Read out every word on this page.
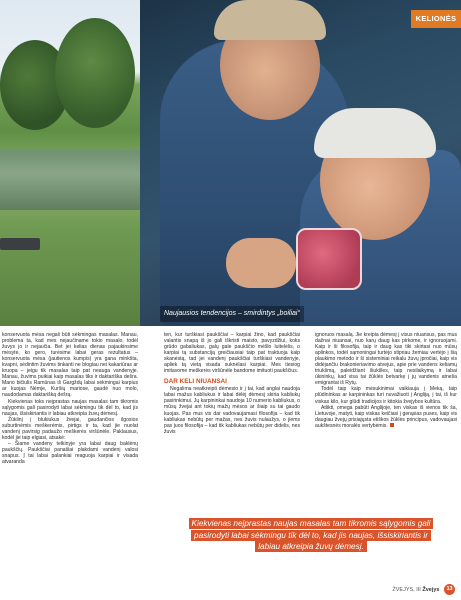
Naujausios tendencijos – smirdintys „boiliai“
KELIONĖS

konservuota mėsa negali būti sėkmingas masalas. Manau, problema ta, kad mes nejaučiname tokio masalo, todėl žuvys jo ir nejaučia. Bet jei kelias dienas pajaukinsime mėsyte, ko gero, turėsime labai geras rezultatus – konservuota mėsa (jautienos kumpis) yra gana minkšta, kvapni, sėdintim žuvims tinkanti ne blogiau nei kakariūras ar kruopa – jeigu tik masalas taip pat neauga vandenyje. Manau, žuvims puikiai kaip masalas tiks ir daktariška dešra. Mano bičiulis Ramūnas iš Gargždų labai sėkmingai karpius ar kuojas Nėmje, Kuršių mariose, gaudė nuo molo, naudodamas daktarišką dešrą.

Kiekvienas toks neįprastas naujas masalas tam tikromis sąlygomis gali pasirodyti labai sėkmingu tik dėl to, kad jis naujas, išsiskiriantis ir labiau atkreipia žuvų dėmesį.

Žūklinį į blukiukus žvejai, gaudančios ilgosios suburtinėmis meškerėmis, pirtigs ir ta, kad jie nuolat vandenį pavirsig padaužo meškerės viršūnėle. Paklausus, kodėl jie taip elgiasi, atsakė:

– Šiame vandeny telkinyje yra labai daug baklėnų paukščių. Paukščiai panašiai plakdami vandenį valosi snapus. Į tai labai palankiai reaguoja karpiai ir visada atvaranda

ten, kur turškiasi paukščiai – karpiai žino, kad paukščiai valantis snapą iš jo gali iškristi maisto, pavyzdžiui, koks grūdo gabaliukas, galų gale paukščio mėšlo luitelėlis, o karpiai tą substanciją greičiausiai taip pat traktuoja kaip skanėstą, tad jei vandenį paukščiai turškiasi vandenyje, apliek tą vietą visada suknėlasi karpiai. Mes tiesiog imitavome meškerės viršūnėle bandome imituoti paukščius.

DAR KELI NIUANSAI

Negalima neatkreipti dėmesio ir į tai, kad anglai naudoja labai mažus kabliukus ir labai dėlėj dėmesį skiria kabliukų pasirinkimui. Jų karpininkai naudoja 10 numerio kabliukus, o mūsų žvejai ant tokių mažų mėsos ar šiaip su tai gaudo kuojas. Pas mus vis dar vadovaujamasi filosofija – kad tik kabliukas nebūtų per mažas, nes žuvis nulaužys, o jiems pas juos filosofija – kad tik kabliukas nebūtų per didelis, nes žuvis

ignoruos masalą. Jie kreipia dėmesį į visus niuansus, pas mus dažnai niuansai, nuo karų daug kas pirkome, ir ignoruojami. Kaip ir ši filosofija, taip ir daug kas tiki skirtasi nuo mūsų aplinkos, todėl sąmoningai turtėjo stipriau žemiau vertėjo į šią plaukimo metodo ir ši sisteminiai reikalu žuvų įpročiai, kaip vis didėjančiu brakonieriavimo atvejus, apie prie vandens keliamų triukšmą, paleidžiant šiukšles, taip nesilaikymą ir labai ūkininkų, kad visa tai žūklės betvarkę į jų vandenis atneša emigrantai iš Rytų.

Todėl taip kaip mėsukinimai vaikiauja į Meką, taip plūdininkas ar karpininkas turi nuvažiuoti į Angliją, į tai, iš kur viskas kilo, kur glūdi tradicijos ir kitokia žvejybos kultūra.

Atlikti, omega pabūti Anglijoje, ten viskas iš vienos tik ša, Lietuvoje, matyti, kaip viskas keičiasi į gerąsias puses, kaip vis daugiau žvejų prisiajųsta etiškos žūklės principus, vadovaujasi aukštesnės moralės vertybėmis.

Kiekvienas neįprastas naujas masalas tam tikromis sąlygomis gali
pasirodyti labai sėkmingu tik dėl to, kad jis naujas, išsiskiriantis ir
labiau atkreipia žuvų dėmesį.
ŽVEJYS, III Žvejys 13
